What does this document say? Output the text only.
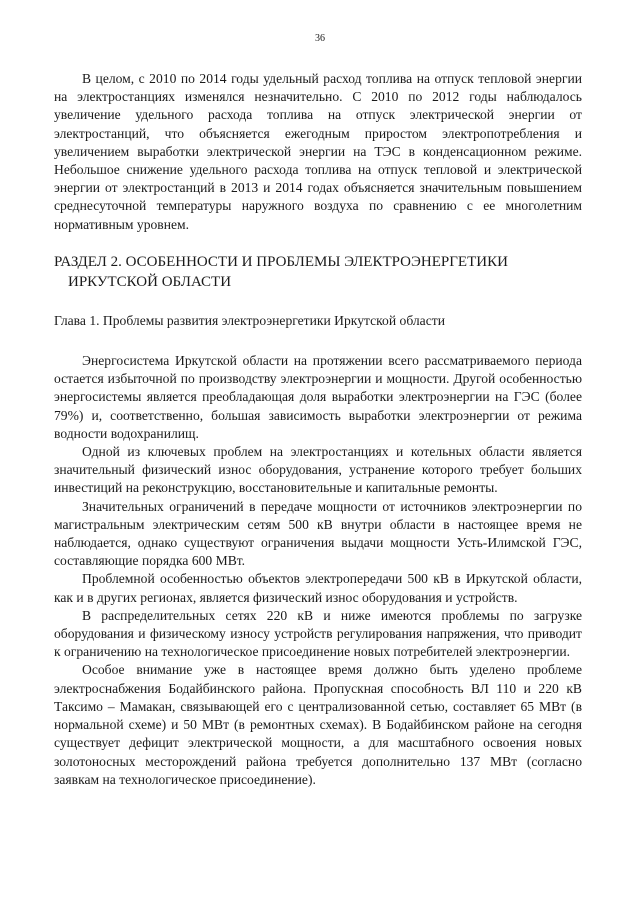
36

В целом, с 2010 по 2014 годы удельный расход топлива на отпуск тепловой энергии на электростанциях изменялся незначительно. С 2010 по 2012 годы наблюдалось увеличение удельного расхода топлива на отпуск электрической энергии от электростанций, что объясняется ежегодным приростом электропотребления и увеличением выработки электрической энергии на ТЭС в конденсационном режиме. Небольшое снижение удельного расхода топлива на отпуск тепловой и электрической энергии от электростанций в 2013 и 2014 годах объясняется значительным повышением среднесуточной температуры наружного воздуха по сравнению с ее многолетним нормативным уровнем.

РАЗДЕЛ 2. ОСОБЕННОСТИ И ПРОБЛЕМЫ ЭЛЕКТРОЭНЕРГЕТИКИ
ИРКУТСКОЙ ОБЛАСТИ

Глава 1. Проблемы развития электроэнергетики Иркутской области

Энергосистема Иркутской области на протяжении всего рассматриваемого периода остается избыточной по производству электроэнергии и мощности. Другой особенностью энергосистемы является преобладающая доля выработки электроэнергии на ГЭС (более 79%) и, соответственно, большая зависимость выработки электроэнергии от режима водности водохранилищ.

Одной из ключевых проблем на электростанциях и котельных области является значительный физический износ оборудования, устранение которого требует больших инвестиций на реконструкцию, восстановительные и капитальные ремонты.

Значительных ограничений в передаче мощности от источников электроэнергии по магистральным электрическим сетям 500 кВ внутри области в настоящее время не наблюдается, однако существуют ограничения выдачи мощности Усть-Илимской ГЭС, составляющие порядка 600 МВт.

Проблемной особенностью объектов электропередачи 500 кВ в Иркутской области, как и в других регионах, является физический износ оборудования и устройств.

В распределительных сетях 220 кВ и ниже имеются проблемы по загрузке оборудования и физическому износу устройств регулирования напряжения, что приводит к ограничению на технологическое присоединение новых потребителей электроэнергии.

Особое внимание уже в настоящее время должно быть уделено проблеме электроснабжения Бодайбинского района. Пропускная способность ВЛ 110 и 220 кВ Таксимо – Мамакан, связывающей его с централизованной сетью, составляет 65 МВт (в нормальной схеме) и 50 МВт (в ремонтных схемах). В Бодайбинском районе на сегодня существует дефицит электрической мощности, а для масштабного освоения новых золотоносных месторождений района требуется дополнительно 137 МВт (согласно заявкам на технологическое присоединение).
